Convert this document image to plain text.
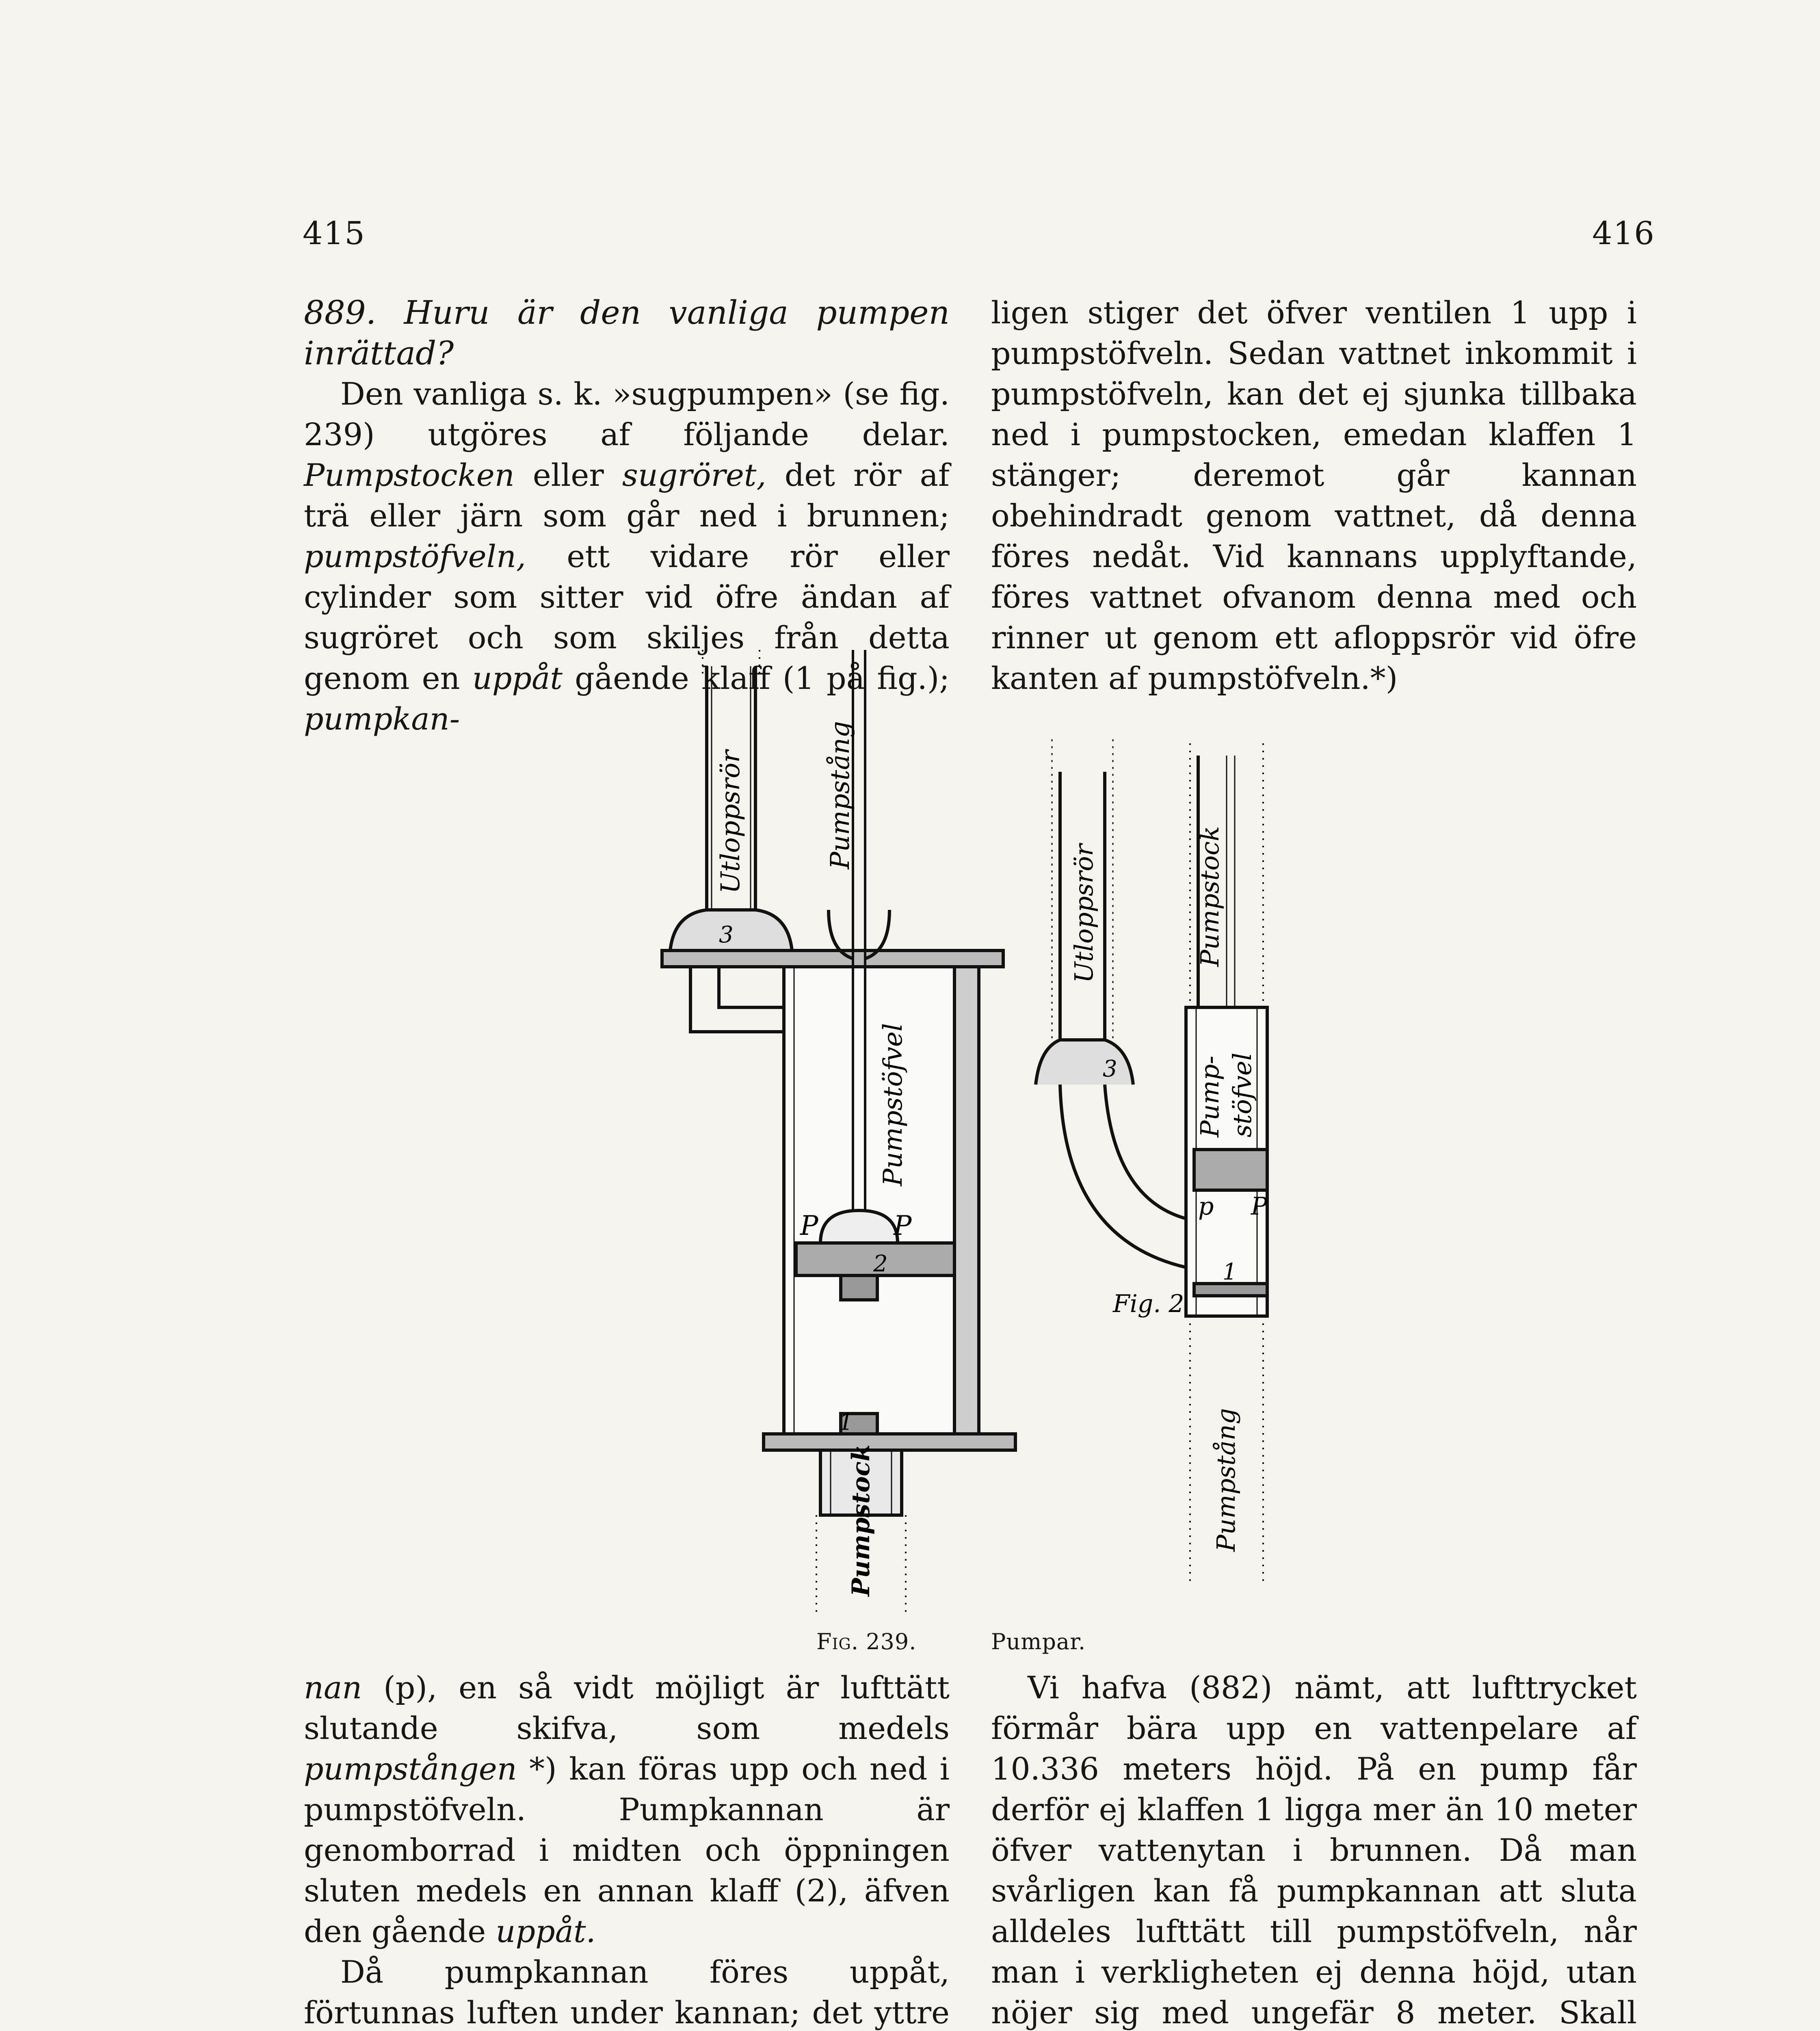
415	416

889. Huru är den vanliga pumpen inrättad?

Den vanliga s. k. »sugpumpen» (se fig. 239) utgöres af följande delar. Pumpstocken eller sugröret, det rör af trä eller järn som går ned i brunnen; pumpstöfveln, ett vidare rör eller cylinder som sitter vid öfre ändan af sugröret och som skiljes från detta genom en uppåt gående klaff (1 på fig.); pumpkan-

ligen stiger det öfver ventilen 1 upp i pumpstöfveln. Sedan vattnet inkommit i pumpstöfveln, kan det ej sjunka tillbaka ned i pumpstocken, emedan klaffen 1 stänger; deremot går kannan obehindradt genom vattnet, då denna föres nedåt. Vid kannans upplyftande, föres vattnet ofvanom denna med och rinner ut genom ett afloppsrör vid öfre kanten af pumpstöfveln.*)

Utloppsrör	Pumpstång
Pumpstöfvel
Pumpstock
P	P
2
1
3	Utloppsrör	Pumpstock
Pump- stöfvel
Pumpstång
p P
1
3
Fig. 2
Fig. 239.	Pumpar.

nan (p), en så vidt möjligt är lufttätt slutande skifva, som medels pumpstången *) kan föras upp och ned i pumpstöfveln. Pumpkannan är genomborrad i midten och öppningen sluten medels en annan klaff (2), äfven den gående uppåt.

Då pumpkannan föres uppåt, förtunnas luften under kannan; det yttre

Vi hafva (882) nämt, att lufttrycket förmår bära upp en vattenpelare af 10.336 meters höjd. På en pump får derför ej klaffen 1 ligga mer än 10 meter öfver vattenytan i brunnen. Då man svårligen kan få pumpkannan att sluta alldeles lufttätt till pumpstöfveln, når man i verkligheten ej denna höjd, utan nöjer sig med ungefär 8 meter. Skall
